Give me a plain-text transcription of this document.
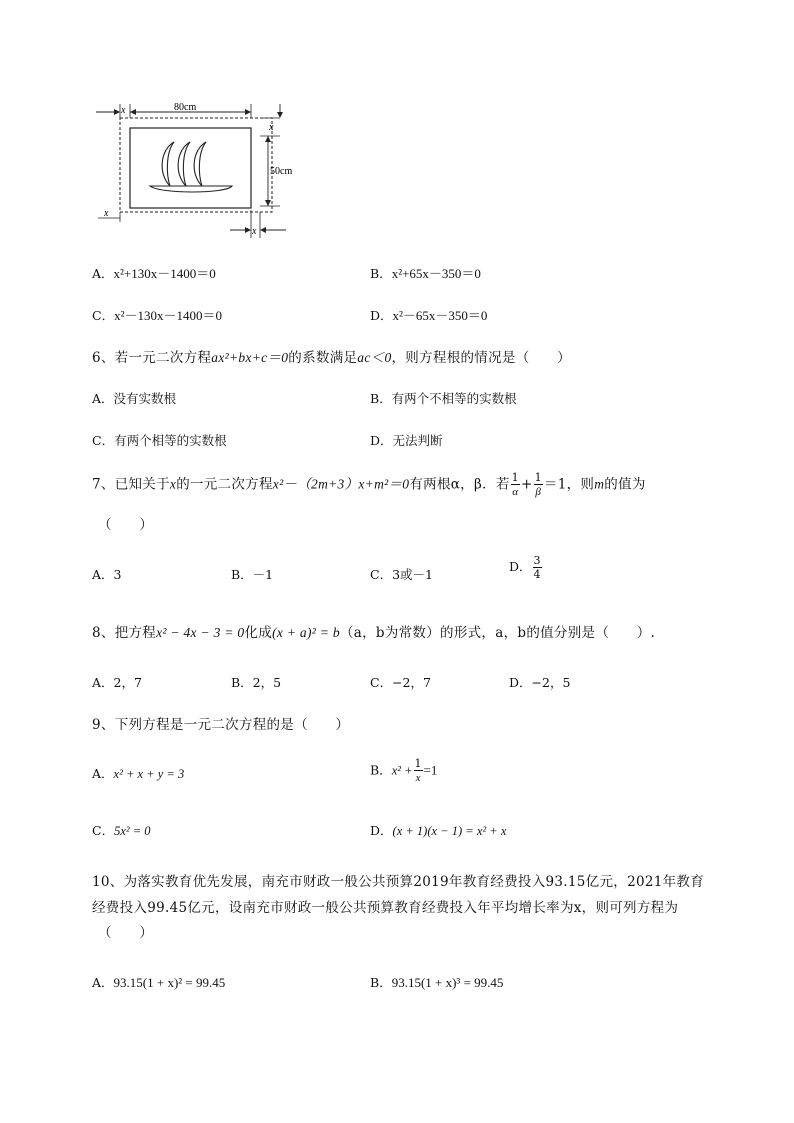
80cm
x
50cm
x
x
x
A．x²+130x－1400＝0	B．x²+65x－350＝0
C．x²－130x－1400＝0	D．x²－65x－350＝0
6、若一元二次方程ax²+bx+c＝0的系数满足ac＜0，则方程根的情况是（　　）
A．没有实数根	B．有两个不相等的实数根
C．有两个相等的实数根	D．无法判断
7、已知关于x的一元二次方程x²－（2m+3）x+m²＝0有两根α，β．若 $\frac{1}{\alpha} + \frac{1}{\beta} =1$，则m的值为
（　　）
A．3	B．－1	C．3或－1
D． $\frac{3}{4}$
8、把方程x² − 4x − 3 = 0化成(x + a)² = b（a，b为常数）的形式，a，b的值分别是（　　）.
A．2，7	B．2，5	C．−2，7	D．−2，5
9、下列方程是一元二次方程的是（　　）
A．x² + x + y = 3	B．$x^2 + \frac{1}{x} =1$
C．5x² = 0	D．(x + 1)(x − 1) = x² + x
10、为落实教育优先发展，南充市财政一般公共预算2019年教育经费投入93.15亿元，2021年教育
经费投入99.45亿元，设南充市财政一般公共预算教育经费投入年平均增长率为x，则可列方程为
（　　）
A．93.15(1 + x)² = 99.45	B．93.15(1 + x)³ = 99.45
